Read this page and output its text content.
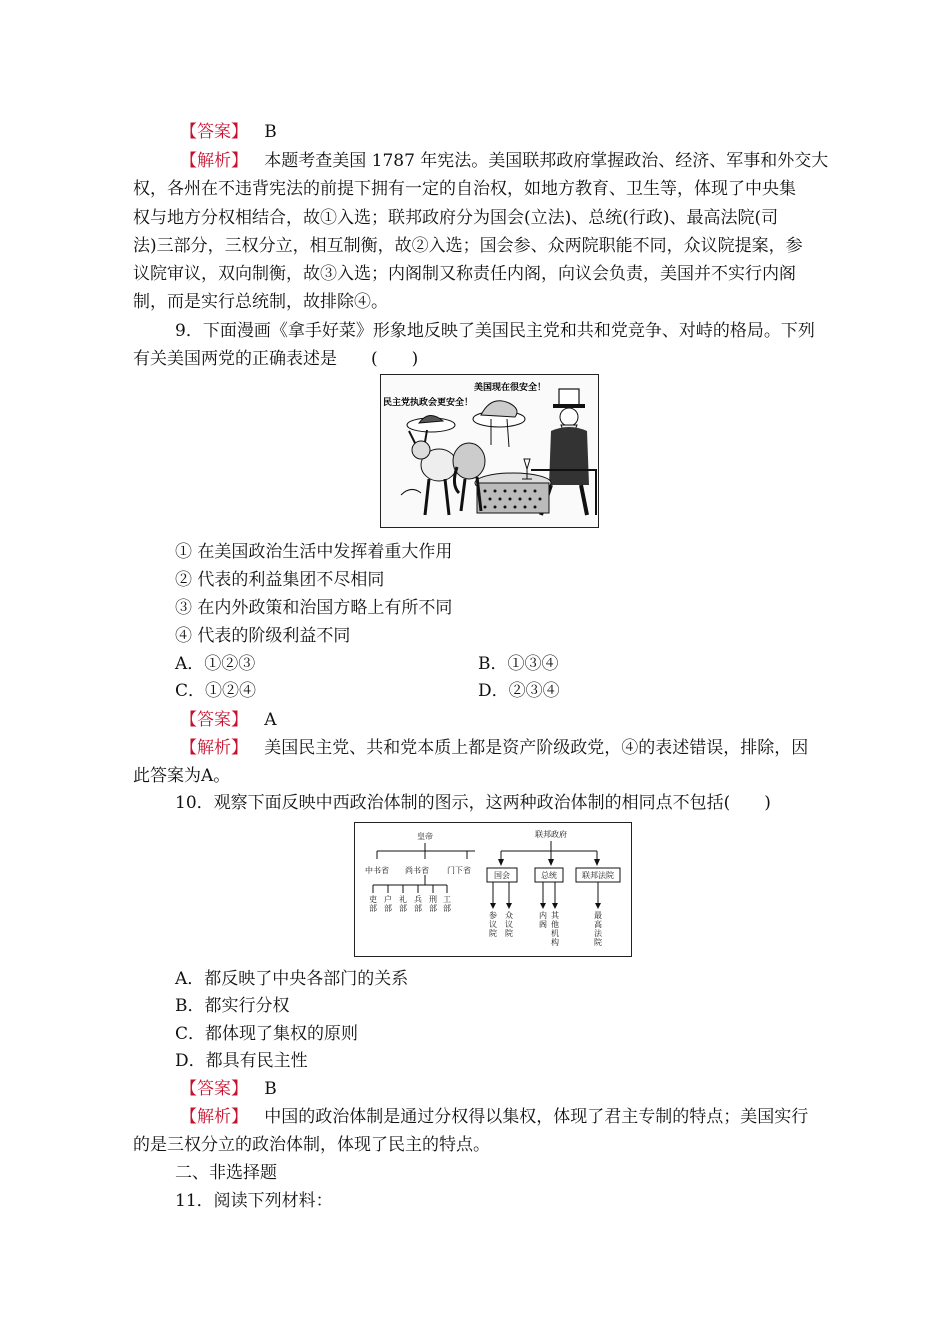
【答案】 B
【解析】 本题考查美国 1787 年宪法。美国联邦政府掌握政治、经济、军事和外交大
权，各州在不违背宪法的前提下拥有一定的自治权，如地方教育、卫生等，体现了中央集
权与地方分权相结合，故①入选；联邦政府分为国会(立法)、总统(行政)、最高法院(司
法)三部分，三权分立，相互制衡，故②入选；国会参、众两院职能不同，众议院提案，参
议院审议，双向制衡，故③入选；内阁制又称责任内阁，向议会负责，美国并不实行内阁
制，而是实行总统制，故排除④。
9．下面漫画《拿手好菜》形象地反映了美国民主党和共和党竞争、对峙的格局。下列
有关美国两党的正确表述是　　(　　)
美国现在很安全！
民主党执政会更安全！
① 在美国政治生活中发挥着重大作用
② 代表的利益集团不尽相同
③ 在内外政策和治国方略上有所不同
④ 代表的阶级利益不同
A．①②③	B．①③④
C．①②④	D．②③④
【答案】 A
【解析】 美国民主党、共和党本质上都是资产阶级政党，④的表述错误，排除，因
此答案为A。
10．观察下面反映中西政治体制的图示，这两种政治体制的相同点不包括(　　)
皇帝
中书省 尚书省 门下省
联邦政府
国会	总统	联邦法院
吏部
户部
礼部
兵部
刑部
工部
参议院
众议院
内阁
其他机构
最高法院
A．都反映了中央各部门的关系
B．都实行分权
C．都体现了集权的原则
D．都具有民主性
【答案】 B
【解析】 中国的政治体制是通过分权得以集权，体现了君主专制的特点；美国实行
的是三权分立的政治体制，体现了民主的特点。
二、非选择题
11．阅读下列材料：
